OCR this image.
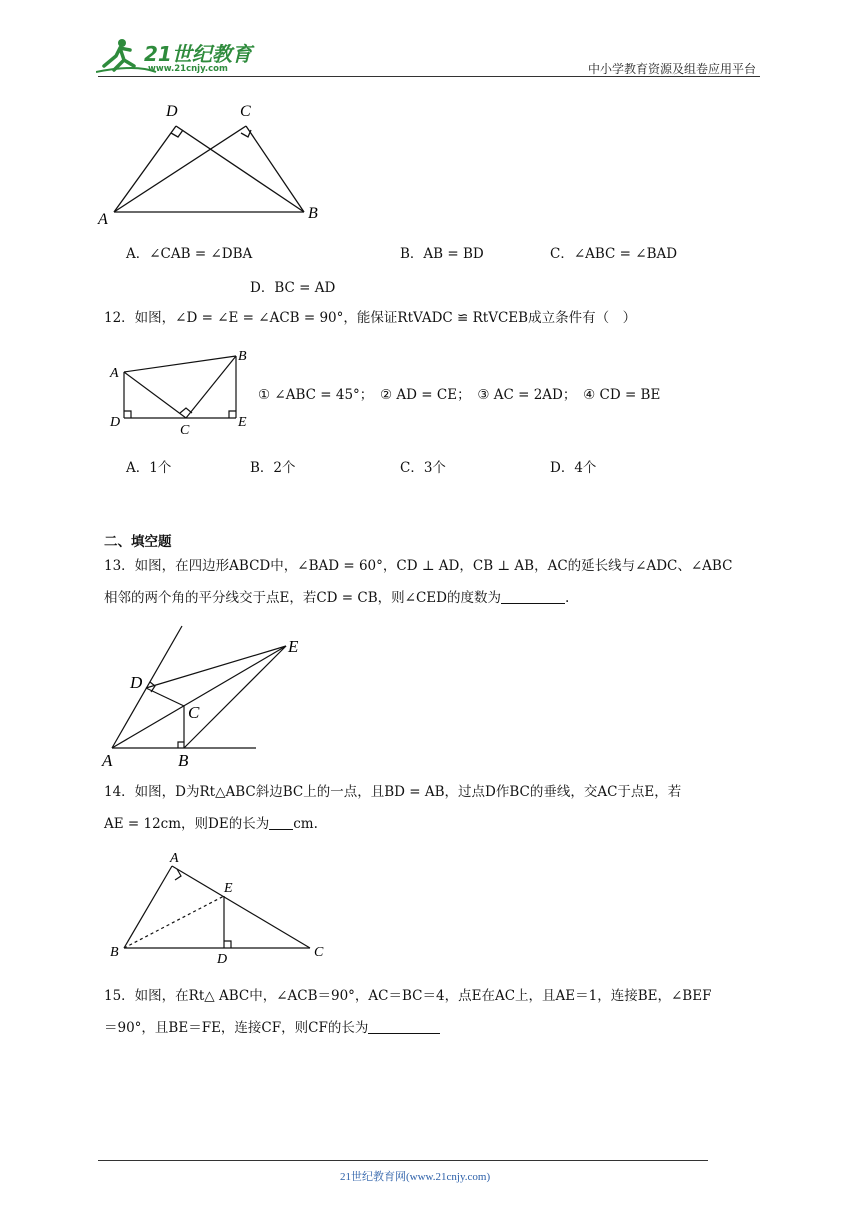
21世纪教育
www.21cnjy.com	中小学教育资源及组卷应用平台
D	C
A	B
A．∠CAB = ∠DBA	B．AB = BD	C．∠ABC = ∠BAD
D．BC = AD
12．如图，∠D = ∠E = ∠ACB = 90°，能保证RtVADC ≌ RtVCEB成立条件有（　）
A
B
D
C
E
① ∠ABC = 45°；　② AD = CE；　③ AC = 2AD；　④ CD = BE
A．1个	B．2个	C．3个	D．4个
二、填空题
13．如图，在四边形ABCD中，∠BAD = 60°，CD ⊥ AD，CB ⊥ AB，AC的延长线与∠ADC、∠ABC
相邻的两个角的平分线交于点E，若CD = CB，则∠CED的度数为	.
D
C
E
A	B
14．如图，D为Rt△ABC斜边BC上的一点，且BD = AB，过点D作BC的垂线，交AC于点E，若
AE = 12cm，则DE的长为 cm.
A
E
B	D	C
15．如图，在Rt△ ABC中，∠ACB＝90°，AC＝BC＝4，点E在AC上，且AE＝1，连接BE，∠BEF
＝90°，且BE＝FE，连接CF，则CF的长为
21世纪教育网(www.21cnjy.com)
